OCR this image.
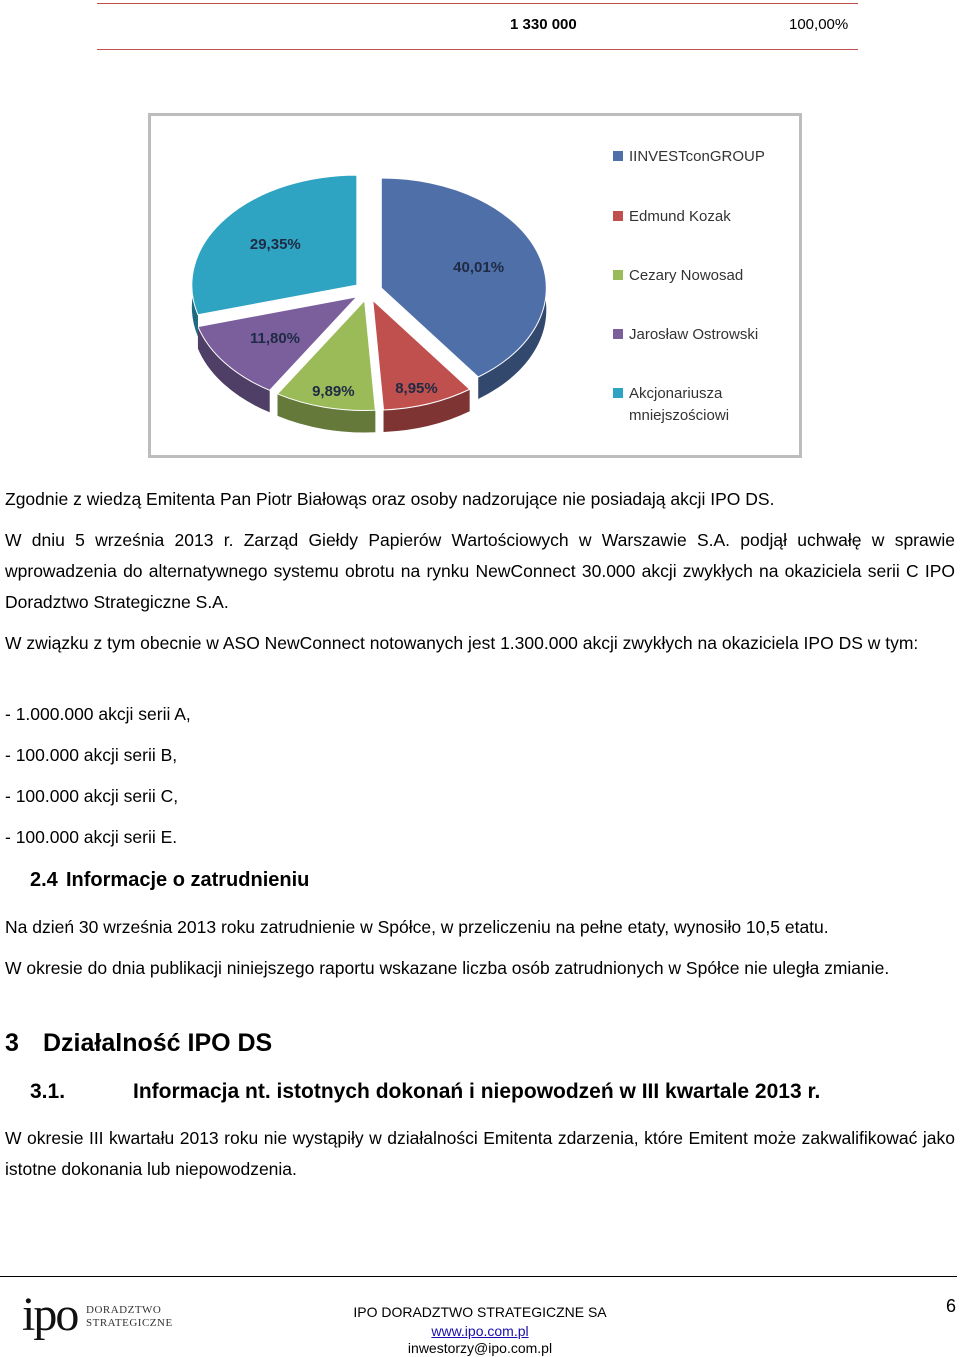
1 330 000	100,00%
40,01%
8,95%
9,89%
11,80%
29,35%
IINVESTconGROUP
Edmund Kozak
Cezary Nowosad
Jarosław Ostrowski
Akcjonariusza
mniejszościowi
Zgodnie z wiedzą Emitenta Pan Piotr Białowąs oraz osoby nadzorujące nie posiadają akcji IPO DS.
W dniu 5 września 2013 r. Zarząd Giełdy Papierów Wartościowych w Warszawie S.A. podjął uchwałę w sprawie wprowadzenia do alternatywnego systemu obrotu na rynku NewConnect 30.000 akcji zwykłych na okaziciela serii C IPO Doradztwo Strategiczne S.A.
W związku z tym obecnie w ASO NewConnect notowanych jest 1.300.000 akcji zwykłych na okaziciela IPO DS w tym:
- 1.000.000 akcji serii A,
- 100.000 akcji serii B,
- 100.000 akcji serii C,
- 100.000 akcji serii E.
2.4 Informacje o zatrudnieniu
Na dzień 30 września 2013 roku zatrudnienie w Spółce, w przeliczeniu na pełne etaty, wynosiło 10,5 etatu.
W okresie do dnia publikacji niniejszego raportu wskazane liczba osób zatrudnionych w Spółce nie uległa zmianie.
3 Działalność IPO DS
3.1.	Informacja nt. istotnych dokonań i niepowodzeń w III kwartale 2013 r.
W okresie III kwartału 2013 roku nie wystąpiły w działalności Emitenta zdarzenia, które Emitent może zakwalifikować jako istotne dokonania lub niepowodzenia.
ipo DORADZTWO
STRATEGICZNE
IPO DORADZTWO STRATEGICZNE SA
www.ipo.com.pl
inwestorzy@ipo.com.pl
6
